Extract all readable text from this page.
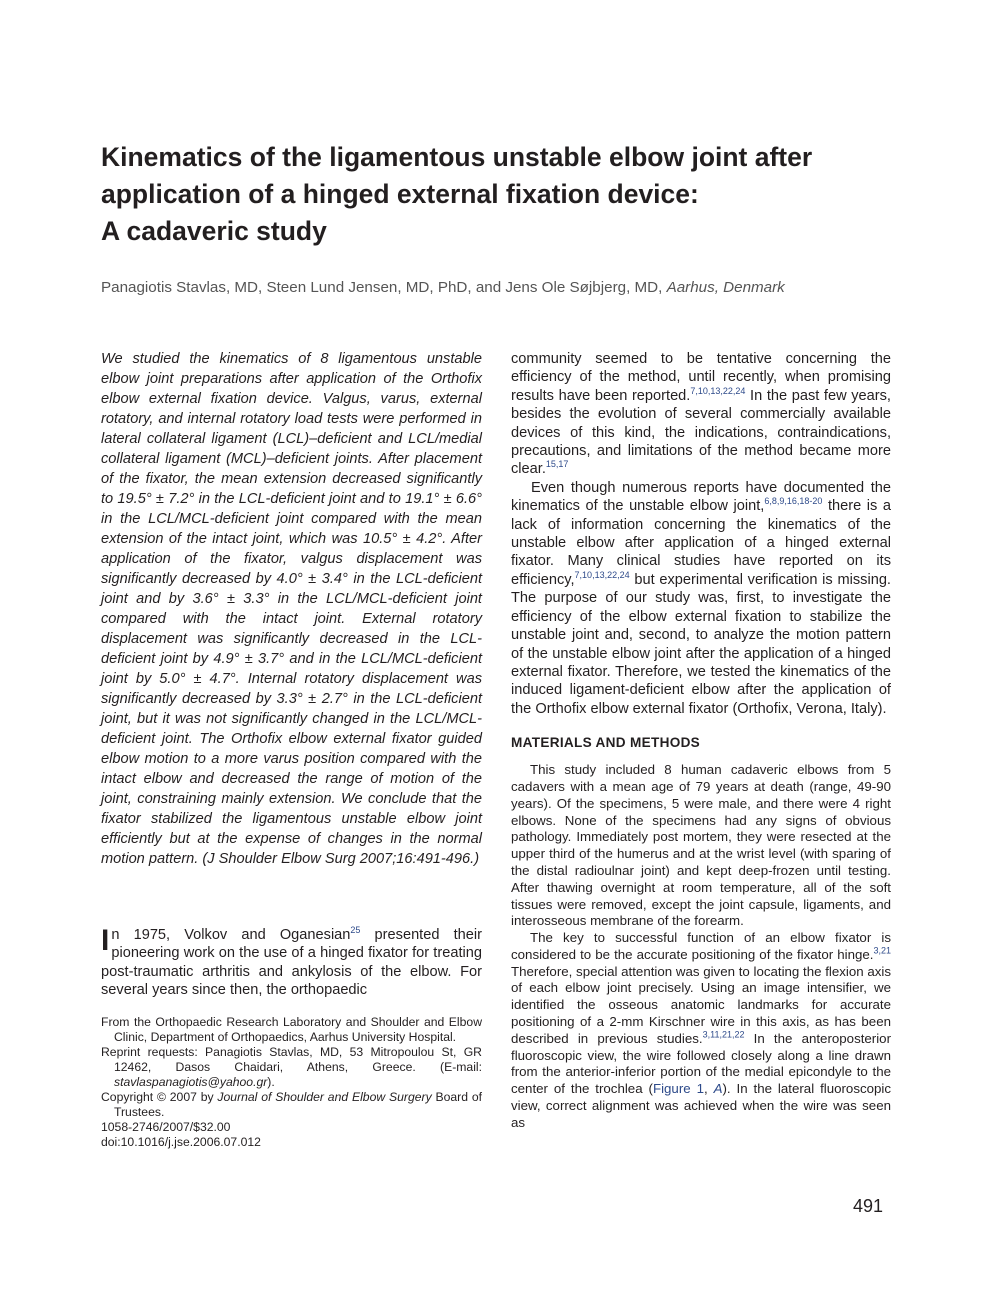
Kinematics of the ligamentous unstable elbow joint after
application of a hinged external fixation device:
A cadaveric study
Panagiotis Stavlas, MD, Steen Lund Jensen, MD, PhD, and Jens Ole Søjbjerg, MD, Aarhus, Denmark
We studied the kinematics of 8 ligamentous unstable elbow joint preparations after application of the Orthofix elbow external fixation device. Valgus, varus, external rotatory, and internal rotatory load tests were performed in lateral collateral ligament (LCL)–deficient and LCL/medial collateral ligament (MCL)–deficient joints. After placement of the fixator, the mean extension decreased significantly to 19.5° ± 7.2° in the LCL-deficient joint and to 19.1° ± 6.6° in the LCL/MCL-deficient joint compared with the mean extension of the intact joint, which was 10.5° ± 4.2°. After application of the fixator, valgus displacement was significantly decreased by 4.0° ± 3.4° in the LCL-deficient joint and by 3.6° ± 3.3° in the LCL/MCL-deficient joint compared with the intact joint. External rotatory displacement was significantly decreased in the LCL-deficient joint by 4.9° ± 3.7° and in the LCL/MCL-deficient joint by 5.0° ± 4.7°. Internal rotatory displacement was significantly decreased by 3.3° ± 2.7° in the LCL-deficient joint, but it was not significantly changed in the LCL/MCL-deficient joint. The Orthofix elbow external fixator guided elbow motion to a more varus position compared with the intact elbow and decreased the range of motion of the joint, constraining mainly extension. We conclude that the fixator stabilized the ligamentous unstable elbow joint efficiently but at the expense of changes in the normal motion pattern. (J Shoulder Elbow Surg 2007;16:491-496.)
In 1975, Volkov and Oganesian$^{25}$ presented their pioneering work on the use of a hinged fixator for treating post-traumatic arthritis and ankylosis of the elbow. For several years since then, the orthopaedic

From the Orthopaedic Research Laboratory and Shoulder and Elbow Clinic, Department of Orthopaedics, Aarhus University Hospital.

Reprint requests: Panagiotis Stavlas, MD, 53 Mitropoulou St, GR 12462, Dasos Chaidari, Athens, Greece. (E-mail: stavlaspanagiotis@yahoo.gr).

Copyright © 2007 by Journal of Shoulder and Elbow Surgery Board of Trustees.

1058-2746/2007/$32.00

doi:10.1016/j.jse.2006.07.012

community seemed to be tentative concerning the efficiency of the method, until recently, when promising results have been reported.$^{7,10,13,22,24}$ In the past few years, besides the evolution of several commercially available devices of this kind, the indications, contraindications, precautions, and limitations of the method became more clear.$^{15,17}$

Even though numerous reports have documented the kinematics of the unstable elbow joint,$^{6,8,9,16,18-20}$ there is a lack of information concerning the kinematics of the unstable elbow after application of a hinged external fixator. Many clinical studies have reported on its efficiency,$^{7,10,13,22,24}$ but experimental verification is missing. The purpose of our study was, first, to investigate the efficiency of the elbow external fixation to stabilize the unstable joint and, second, to analyze the motion pattern of the unstable elbow joint after the application of a hinged external fixator. Therefore, we tested the kinematics of the induced ligament-deficient elbow after the application of the Orthofix elbow external fixator (Orthofix, Verona, Italy).

MATERIALS AND METHODS

This study included 8 human cadaveric elbows from 5 cadavers with a mean age of 79 years at death (range, 49-90 years). Of the specimens, 5 were male, and there were 4 right elbows. None of the specimens had any signs of obvious pathology. Immediately post mortem, they were resected at the upper third of the humerus and at the wrist level (with sparing of the distal radioulnar joint) and kept deep-frozen until testing. After thawing overnight at room temperature, all of the soft tissues were removed, except the joint capsule, ligaments, and interosseous membrane of the forearm.

The key to successful function of an elbow fixator is considered to be the accurate positioning of the fixator hinge.$^{3,21}$ Therefore, special attention was given to locating the flexion axis of each elbow joint precisely. Using an image intensifier, we identified the osseous anatomic landmarks for accurate positioning of a 2-mm Kirschner wire in this axis, as has been described in previous studies.$^{3,11,21,22}$ In the anteroposterior fluoroscopic view, the wire followed closely along a line drawn from the anterior-inferior portion of the medial epicondyle to the center of the trochlea (Figure 1, A). In the lateral fluoroscopic view, correct alignment was achieved when the wire was seen as

491
